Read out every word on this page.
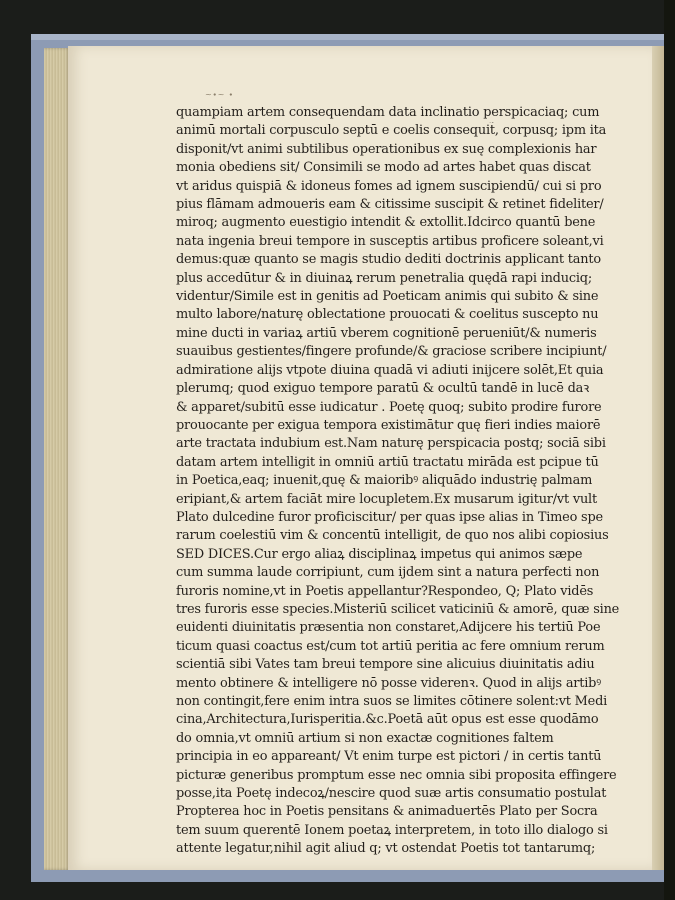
~∙~ ∙
quampiam artem consequendam data inclinatio perspicaciaq; cum
animū mortali corpusculo septū e coelis consequit̃, corpusq; ipm ita
disponit/vt animi subtilibus operationibus ex suę complexionis har
monia obediens sit/ Consimili se modo ad artes habet quas discat
vt aridus quispiā & idoneus fomes ad ignem suscipiendū/ cui si pro
pius flāmam admoueris eam & citissime suscipit & retinet fideliter/
miroq; augmento euestigio intendit & extollit.Idcirco quantū bene
nata ingenia breui tempore in susceptis artibus proficere soleant,vi
demus:quæ quanto se magis studio dediti doctrinis applicant tanto
plus accedūtur & in diuinaꝝ rerum penetralia quędā rapi induciq;
videntur/Simile est in genitis ad Poeticam animis qui subito & sine
multo labore/naturę oblectatione prouocati & coelitus suscepto nu
mine ducti in variaꝝ artiū vberem cognitionē perueniūt/& numeris
suauibus gestientes/fingere profunde/& graciose scribere incipiunt/
admiratione alijs vtpote diuina quadā vi adiuti inijcere solēt,Et quia
plerumq; quod exiguo tempore paratū & ocultū tandē in lucē daꝛ
& apparet/subitū esse iudicatur . Poetę quoq; subito prodire furore
prouocante per exigua tempora existimātur quę fieri indies maiorē
arte tractata indubium est.Nam naturę perspicacia postq; sociā sibi
datam artem intelligit in omniū artiū tractatu mirāda est pcipue tū
in Poetica,eaq; inuenit,quę & maioribꝰ aliquādo industrię palmam
eripiant,& artem faciāt mire locupletem.Ex musarum igitur/vt vult
Plato dulcedine furor proficiscitur/ per quas ipse alias in Timeo spe
rarum coelestiū vim & concentū intelligit, de quo nos alibi copiosius
SED DICES.Cur ergo aliaꝝ disciplinaꝝ impetus qui animos sæpe
cum summa laude corripiunt, cum ijdem sint a natura perfecti non
furoris nomine,vt in Poetis appellantur?Respondeo, Q; Plato vidēs
tres furoris esse species.Misteriū scilicet vaticiniū & amorē, quæ sine
euidenti diuinitatis præsentia non constaret,Adijcere his tertiū Poe
ticum quasi coactus est/cum tot artiū peritia ac fere omnium rerum
scientiā sibi Vates tam breui tempore sine alicuius diuinitatis adiu
mento obtinere & intelligere nō posse viderenꝛ. Quod in alijs artibꝰ
non contingit,fere enim intra suos se limites cōtinere solent:vt Medi
cina,Architectura,Iurisperitia.&c.Poetā aūt opus est esse quodāmo
do omnia,vt omniū artium si non exactæ cognitiones faltem
principia in eo appareant/ Vt enim turpe est pictori / in certis tantū
picturæ generibus promptum esse nec omnia sibi proposita effingere
posse,ita Poetę indecoꝝ/nescire quod suæ artis consumatio postulat
Propterea hoc in Poetis pensitans & animaduertēs Plato per Socra
tem suum querentē Ionem poetaꝝ interpretem, in toto illo dialogo si
attente legatur,nihil agit aliud q; vt ostendat Poetis tot tantarumq;
